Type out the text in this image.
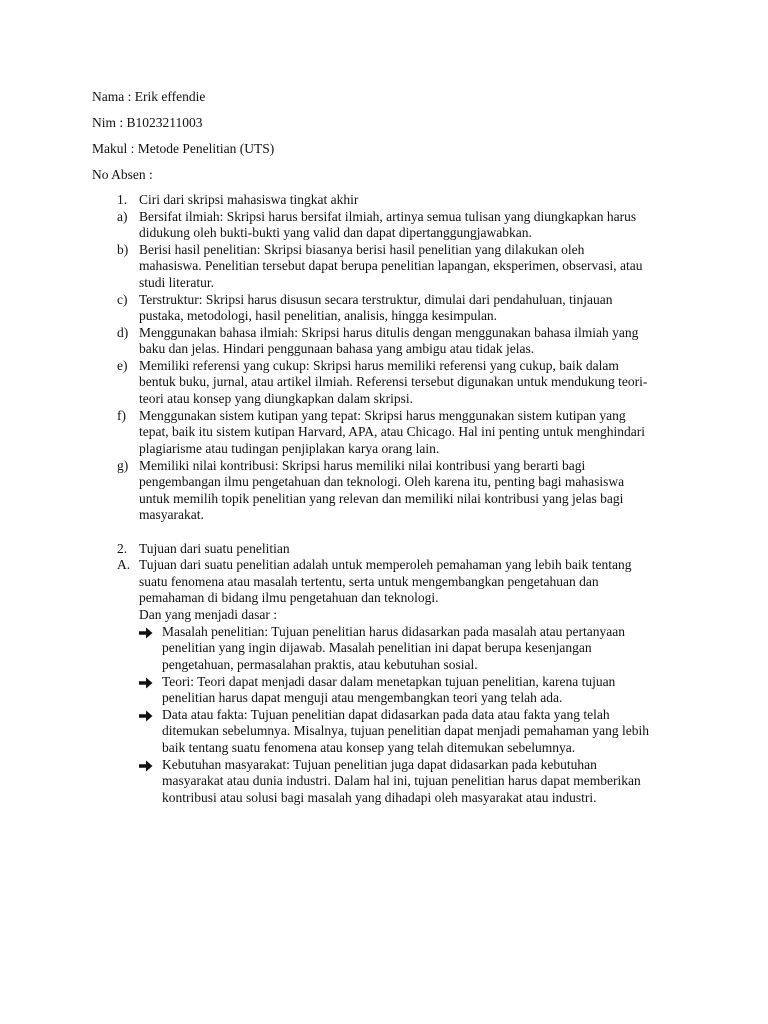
Nama : Erik effendie
Nim : B1023211003
Makul : Metode Penelitian (UTS)
No Absen :
1. Ciri dari skripsi mahasiswa tingkat akhir
a) Bersifat ilmiah: Skripsi harus bersifat ilmiah, artinya semua tulisan yang diungkapkan harus
didukung oleh bukti-bukti yang valid dan dapat dipertanggungjawabkan.
b) Berisi hasil penelitian: Skripsi biasanya berisi hasil penelitian yang dilakukan oleh
mahasiswa. Penelitian tersebut dapat berupa penelitian lapangan, eksperimen, observasi, atau
studi literatur.
c) Terstruktur: Skripsi harus disusun secara terstruktur, dimulai dari pendahuluan, tinjauan
pustaka, metodologi, hasil penelitian, analisis, hingga kesimpulan.
d) Menggunakan bahasa ilmiah: Skripsi harus ditulis dengan menggunakan bahasa ilmiah yang
baku dan jelas. Hindari penggunaan bahasa yang ambigu atau tidak jelas.
e) Memiliki referensi yang cukup: Skripsi harus memiliki referensi yang cukup, baik dalam
bentuk buku, jurnal, atau artikel ilmiah. Referensi tersebut digunakan untuk mendukung teori-
teori atau konsep yang diungkapkan dalam skripsi.
f) Menggunakan sistem kutipan yang tepat: Skripsi harus menggunakan sistem kutipan yang
tepat, baik itu sistem kutipan Harvard, APA, atau Chicago. Hal ini penting untuk menghindari
plagiarisme atau tudingan penjiplakan karya orang lain.
g) Memiliki nilai kontribusi: Skripsi harus memiliki nilai kontribusi yang berarti bagi
pengembangan ilmu pengetahuan dan teknologi. Oleh karena itu, penting bagi mahasiswa
untuk memilih topik penelitian yang relevan dan memiliki nilai kontribusi yang jelas bagi
masyarakat.
2. Tujuan dari suatu penelitian
A. Tujuan dari suatu penelitian adalah untuk memperoleh pemahaman yang lebih baik tentang
suatu fenomena atau masalah tertentu, serta untuk mengembangkan pengetahuan dan
pemahaman di bidang ilmu pengetahuan dan teknologi.
Dan yang menjadi dasar :
Masalah penelitian: Tujuan penelitian harus didasarkan pada masalah atau pertanyaan
penelitian yang ingin dijawab. Masalah penelitian ini dapat berupa kesenjangan
pengetahuan, permasalahan praktis, atau kebutuhan sosial.
Teori: Teori dapat menjadi dasar dalam menetapkan tujuan penelitian, karena tujuan
penelitian harus dapat menguji atau mengembangkan teori yang telah ada.
Data atau fakta: Tujuan penelitian dapat didasarkan pada data atau fakta yang telah
ditemukan sebelumnya. Misalnya, tujuan penelitian dapat menjadi pemahaman yang lebih
baik tentang suatu fenomena atau konsep yang telah ditemukan sebelumnya.
Kebutuhan masyarakat: Tujuan penelitian juga dapat didasarkan pada kebutuhan
masyarakat atau dunia industri. Dalam hal ini, tujuan penelitian harus dapat memberikan
kontribusi atau solusi bagi masalah yang dihadapi oleh masyarakat atau industri.
